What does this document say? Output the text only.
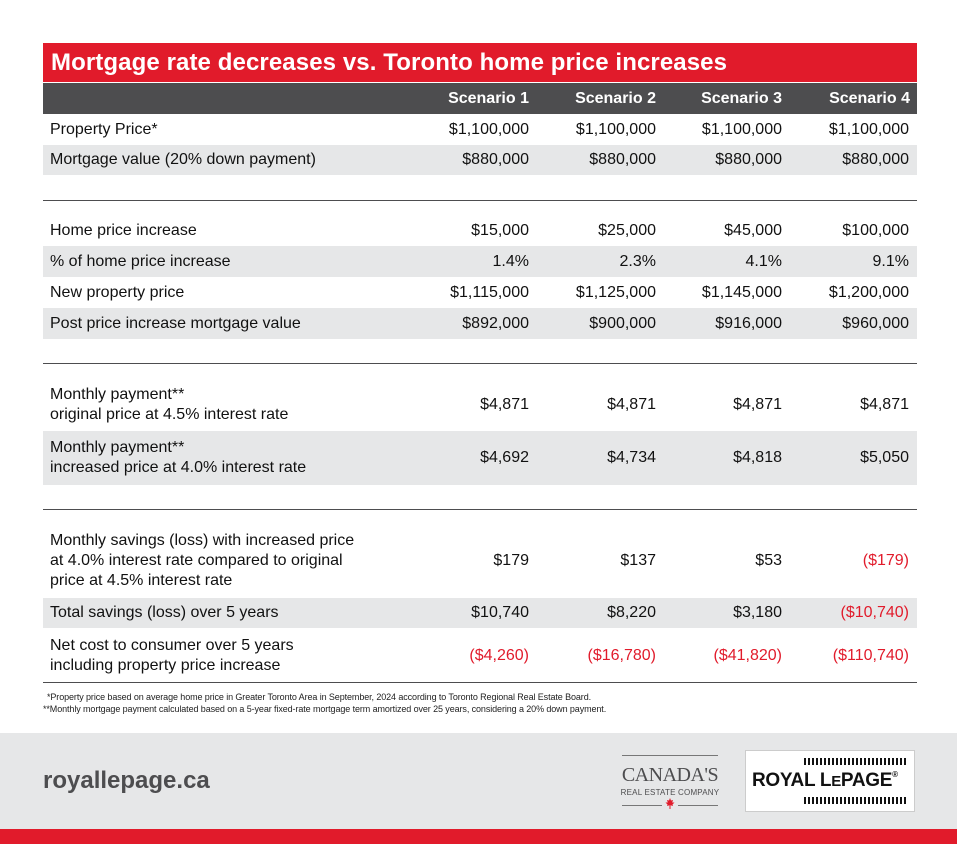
Mortgage rate decreases vs. Toronto home price increases
Scenario 1	Scenario 2	Scenario 3	Scenario 4
Property Price*	$1,100,000	$1,100,000	$1,100,000	$1,100,000
Mortgage value (20% down payment)	$880,000	$880,000	$880,000	$880,000
Home price increase	$15,000	$25,000	$45,000	$100,000
% of home price increase	1.4%	2.3%	4.1%	9.1%
New property price	$1,115,000	$1,125,000	$1,145,000	$1,200,000
Post price increase mortgage value	$892,000	$900,000	$916,000	$960,000
Monthly payment**
original price at 4.5% interest rate
$4,871	$4,871	$4,871	$4,871
Monthly payment**
increased price at 4.0% interest rate
$4,692	$4,734	$4,818	$5,050
Monthly savings (loss) with increased price
at 4.0% interest rate compared to original
price at 4.5% interest rate
$179	$137	$53	($179)
Total savings (loss) over 5 years	$10,740	$8,220	$3,180	($10,740)
Net cost to consumer over 5 years
including property price increase
($4,260)	($16,780)	($41,820)	($110,740)
*Property price based on average home price in Greater Toronto Area in September, 2024 according to Toronto Regional Real Estate Board.
**Monthly mortgage payment calculated based on a 5-year fixed-rate mortgage term amortized over 25 years, considering a 20% down payment.
royallepage.ca	CANADA'S
REAL ESTATE COMPANY
ROYAL LEPAGE®
